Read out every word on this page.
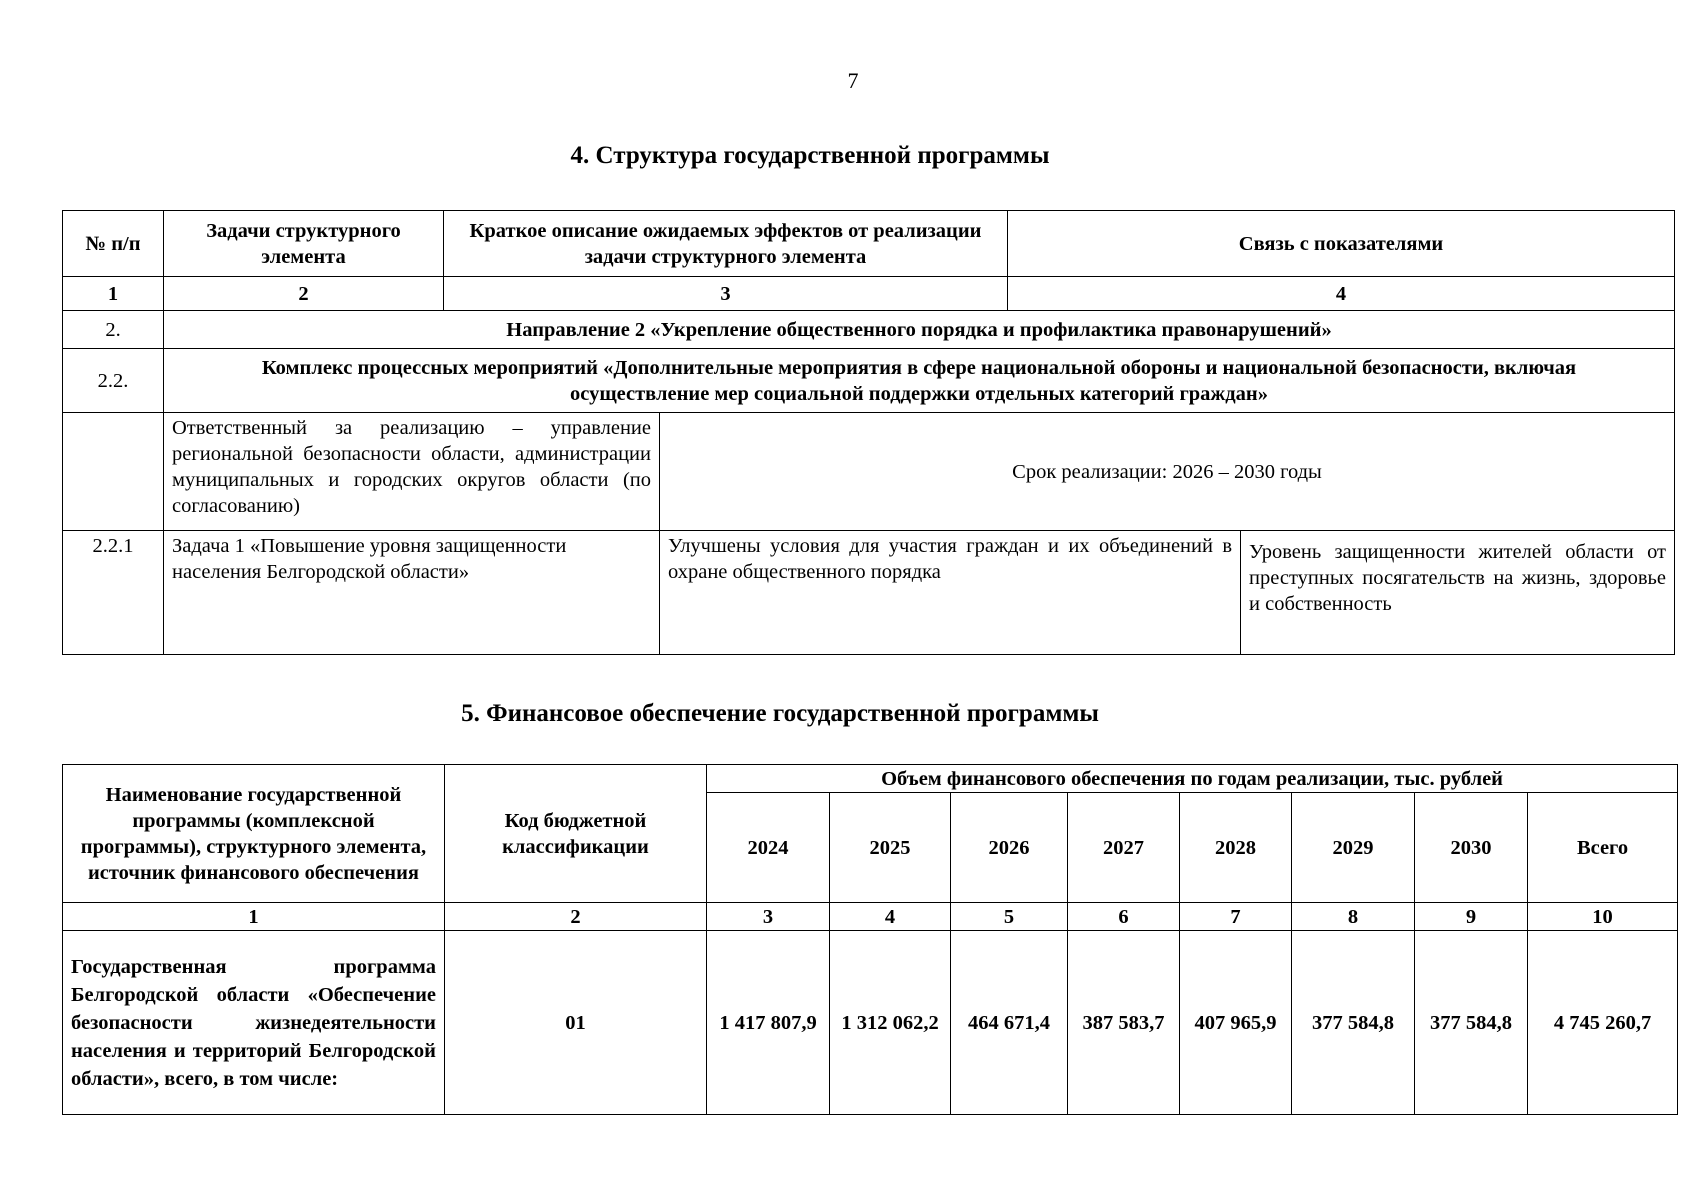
7
4. Структура государственной программы
№ п/п	Задачи структурного элемента	Краткое описание ожидаемых эффектов от реализации задачи структурного элемента		Связь с показателями	
1	2	3		4	
2.	Направление 2 «Укрепление общественного порядка и профилактика правонарушений»				
2.2.	Комплекс процессных мероприятий «Дополнительные мероприятия в сфере национальной обороны и национальной безопасности, включая осуществление мер социальной поддержки отдельных категорий граждан»				
	Ответственный за реализацию – управление региональной безопасности области, администрации муниципальных и городских округов области (по согласованию)		Срок реализации: 2026 – 2030 годы		
2.2.1	Задача 1 «Повышение уровня защищенности населения Белгородской области»		Улучшены условия для участия граждан и их объединений в охране общественного порядка		Уровень защищенности жителей области от преступных посягательств на жизнь, здоровье и собственность
5. Финансовое обеспечение государственной программы
Наименование государственной программы (комплексной программы), структурного элемента, источник финансового обеспечения	Код бюджетной классификации	Объем финансового обеспечения по годам реализации, тыс. рублей							
		2024	2025	2026	2027	2028	2029	2030	Всего
1	2	3	4	5	6	7	8	9	10
Государственная программа Белгородской области «Обеспечение безопасности жизнедеятельности населения и территорий Белгородской области», всего, в том числе:	01	1 417 807,9	1 312 062,2	464 671,4	387 583,7	407 965,9	377 584,8	377 584,8	4 745 260,7
